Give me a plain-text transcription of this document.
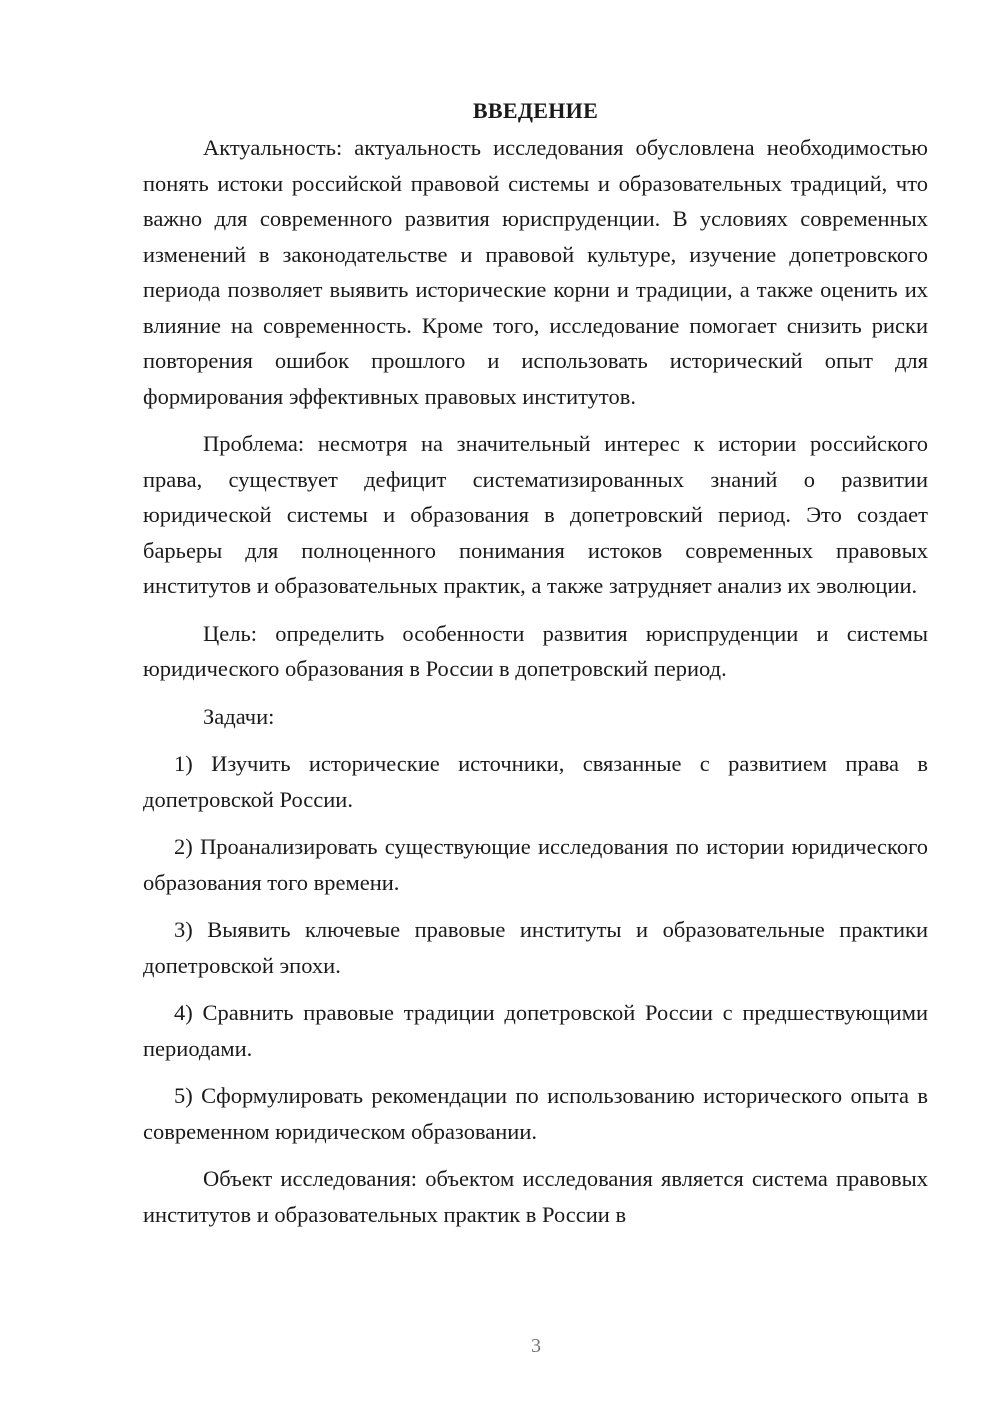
ВВЕДЕНИЕ

Актуальность: актуальность исследования обусловлена необходимостью понять истоки российской правовой системы и образовательных традиций, что важно для современного развития юриспруденции. В условиях современных изменений в законодательстве и правовой культуре, изучение допетровского периода позволяет выявить исторические корни и традиции, а также оценить их влияние на современность. Кроме того, исследование помогает снизить риски повторения ошибок прошлого и использовать исторический опыт для формирования эффективных правовых институтов.

Проблема: несмотря на значительный интерес к истории российского права, существует дефицит систематизированных знаний о развитии юридической системы и образования в допетровский период. Это создает барьеры для полноценного понимания истоков современных правовых институтов и образовательных практик, а также затрудняет анализ их эволюции.

Цель: определить особенности развития юриспруденции и системы юридического образования в России в допетровский период.

Задачи:

1) Изучить исторические источники, связанные с развитием права в допетровской России.

2) Проанализировать существующие исследования по истории юридического образования того времени.

3) Выявить ключевые правовые институты и образовательные практики допетровской эпохи.

4) Сравнить правовые традиции допетровской России с предшествующими периодами.

5) Сформулировать рекомендации по использованию исторического опыта в современном юридическом образовании.

Объект исследования: объектом исследования является система правовых институтов и образовательных практик в России в

3
